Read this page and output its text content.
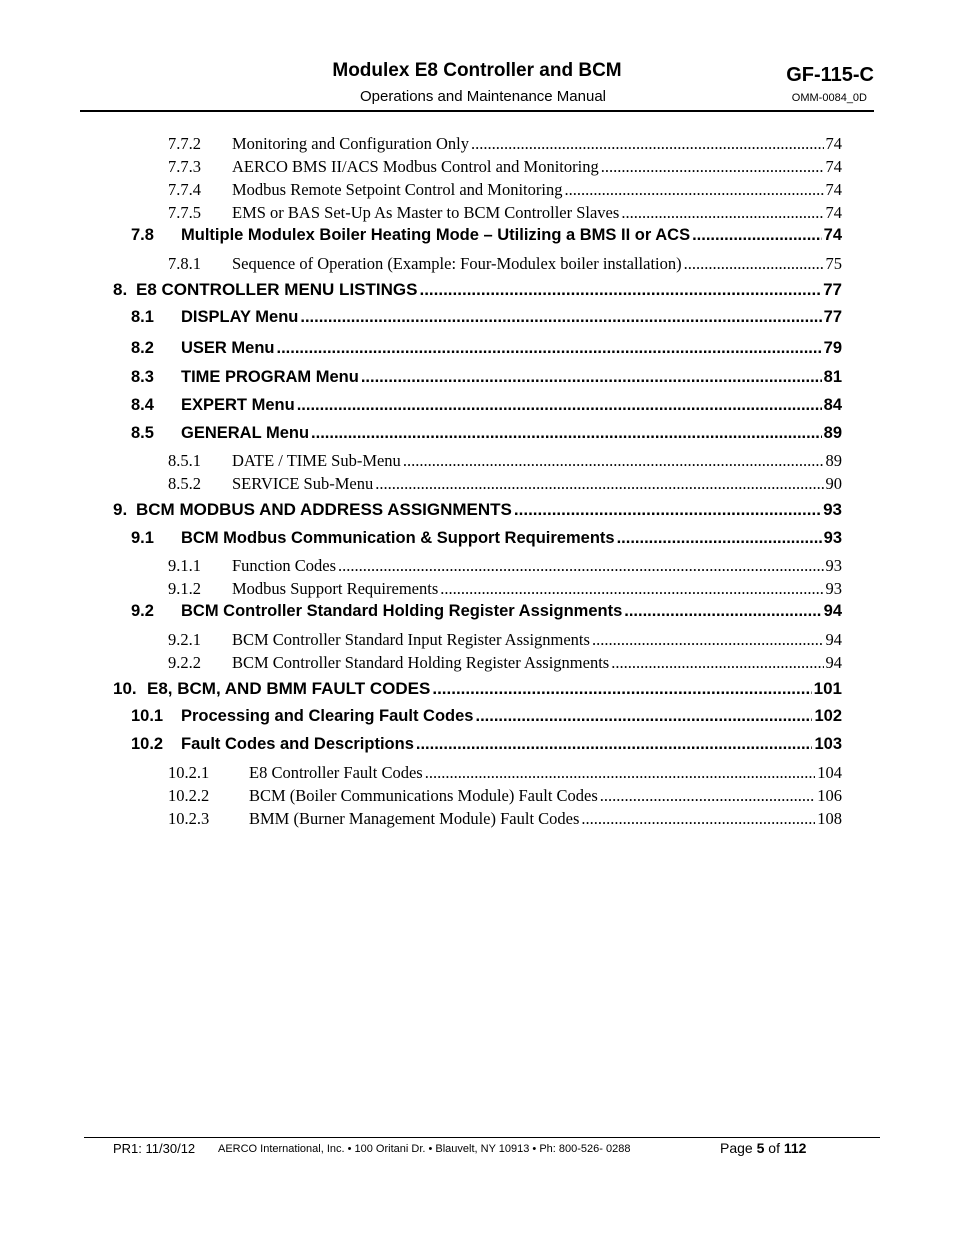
Modulex E8 Controller and BCM
Operations and Maintenance Manual
GF-115-C
OMM-0084_0D
7.7.2	Monitoring and Configuration Only .....	74
7.7.3	AERCO BMS II/ACS Modbus Control and Monitoring .....	74
7.7.4	Modbus Remote Setpoint Control and Monitoring .....	74
7.7.5	EMS or BAS Set-Up As Master to BCM Controller Slaves .....	74
7.8	Multiple Modulex Boiler Heating Mode – Utilizing a BMS II or ACS .....	74
7.8.1	Sequence of Operation (Example: Four-Modulex boiler installation) .....	75
8. E8 CONTROLLER MENU LISTINGS .....	77
8.1	DISPLAY Menu .....	77
8.2	USER Menu .....	79
8.3	TIME PROGRAM Menu .....	81
8.4	EXPERT Menu .....	84
8.5	GENERAL Menu .....	89
8.5.1	DATE / TIME Sub-Menu .....	89
8.5.2	SERVICE Sub-Menu .....	90
9. BCM MODBUS AND ADDRESS ASSIGNMENTS .....	93
9.1	BCM Modbus Communication & Support Requirements .....	93
9.1.1	Function Codes .....	93
9.1.2	Modbus Support Requirements .....	93
9.2	BCM Controller Standard Holding Register Assignments .....	94
9.2.1	BCM Controller Standard Input Register Assignments .....	94
9.2.2	BCM Controller Standard Holding Register Assignments .....	94
10. E8, BCM, AND BMM FAULT CODES .....	101
10.1	Processing and Clearing Fault Codes .....	102
10.2	Fault Codes and Descriptions .....	103
10.2.1	E8 Controller Fault Codes .....	104
10.2.2	BCM (Boiler Communications Module) Fault Codes .....	106
10.2.3	BMM (Burner Management Module) Fault Codes .....	108
PR1: 11/30/12 AERCO International, Inc. • 100 Oritani Dr. • Blauvelt, NY 10913 • Ph: 800-526- 0288	Page 5 of 112
